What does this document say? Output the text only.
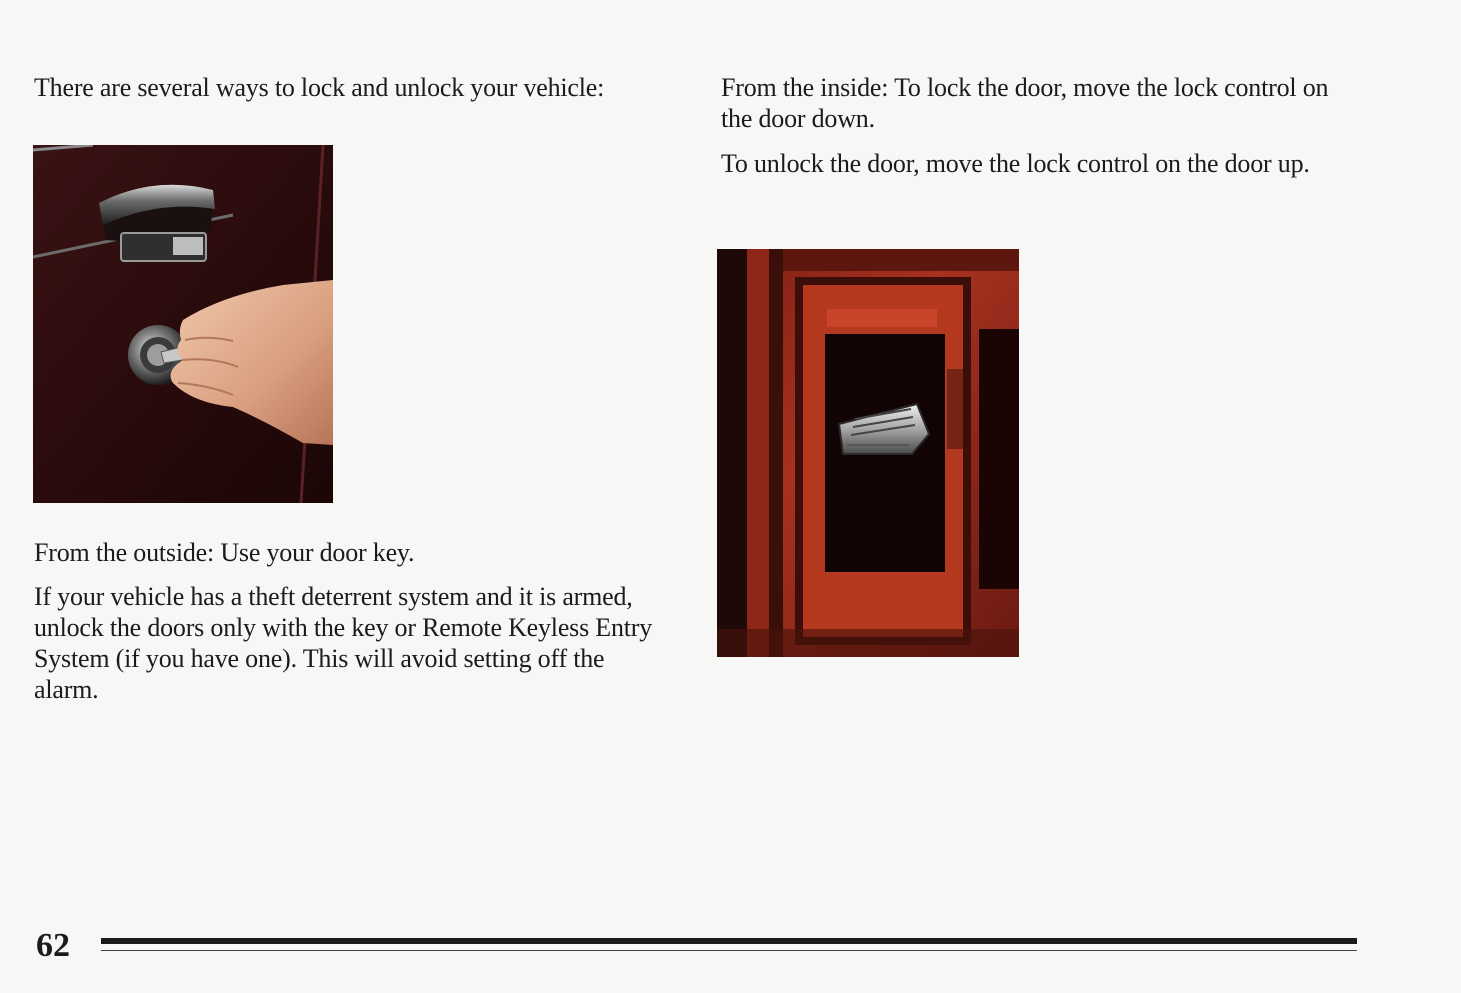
There are several ways to lock and unlock your vehicle:

From the outside: Use your door key.

If your vehicle has a theft deterrent system and it is armed, unlock the doors only with the key or Remote Keyless Entry System (if you have one). This will avoid setting off the alarm.

From the inside: To lock the door, move the lock control on the door down.

To unlock the door, move the lock control on the door up.

62
